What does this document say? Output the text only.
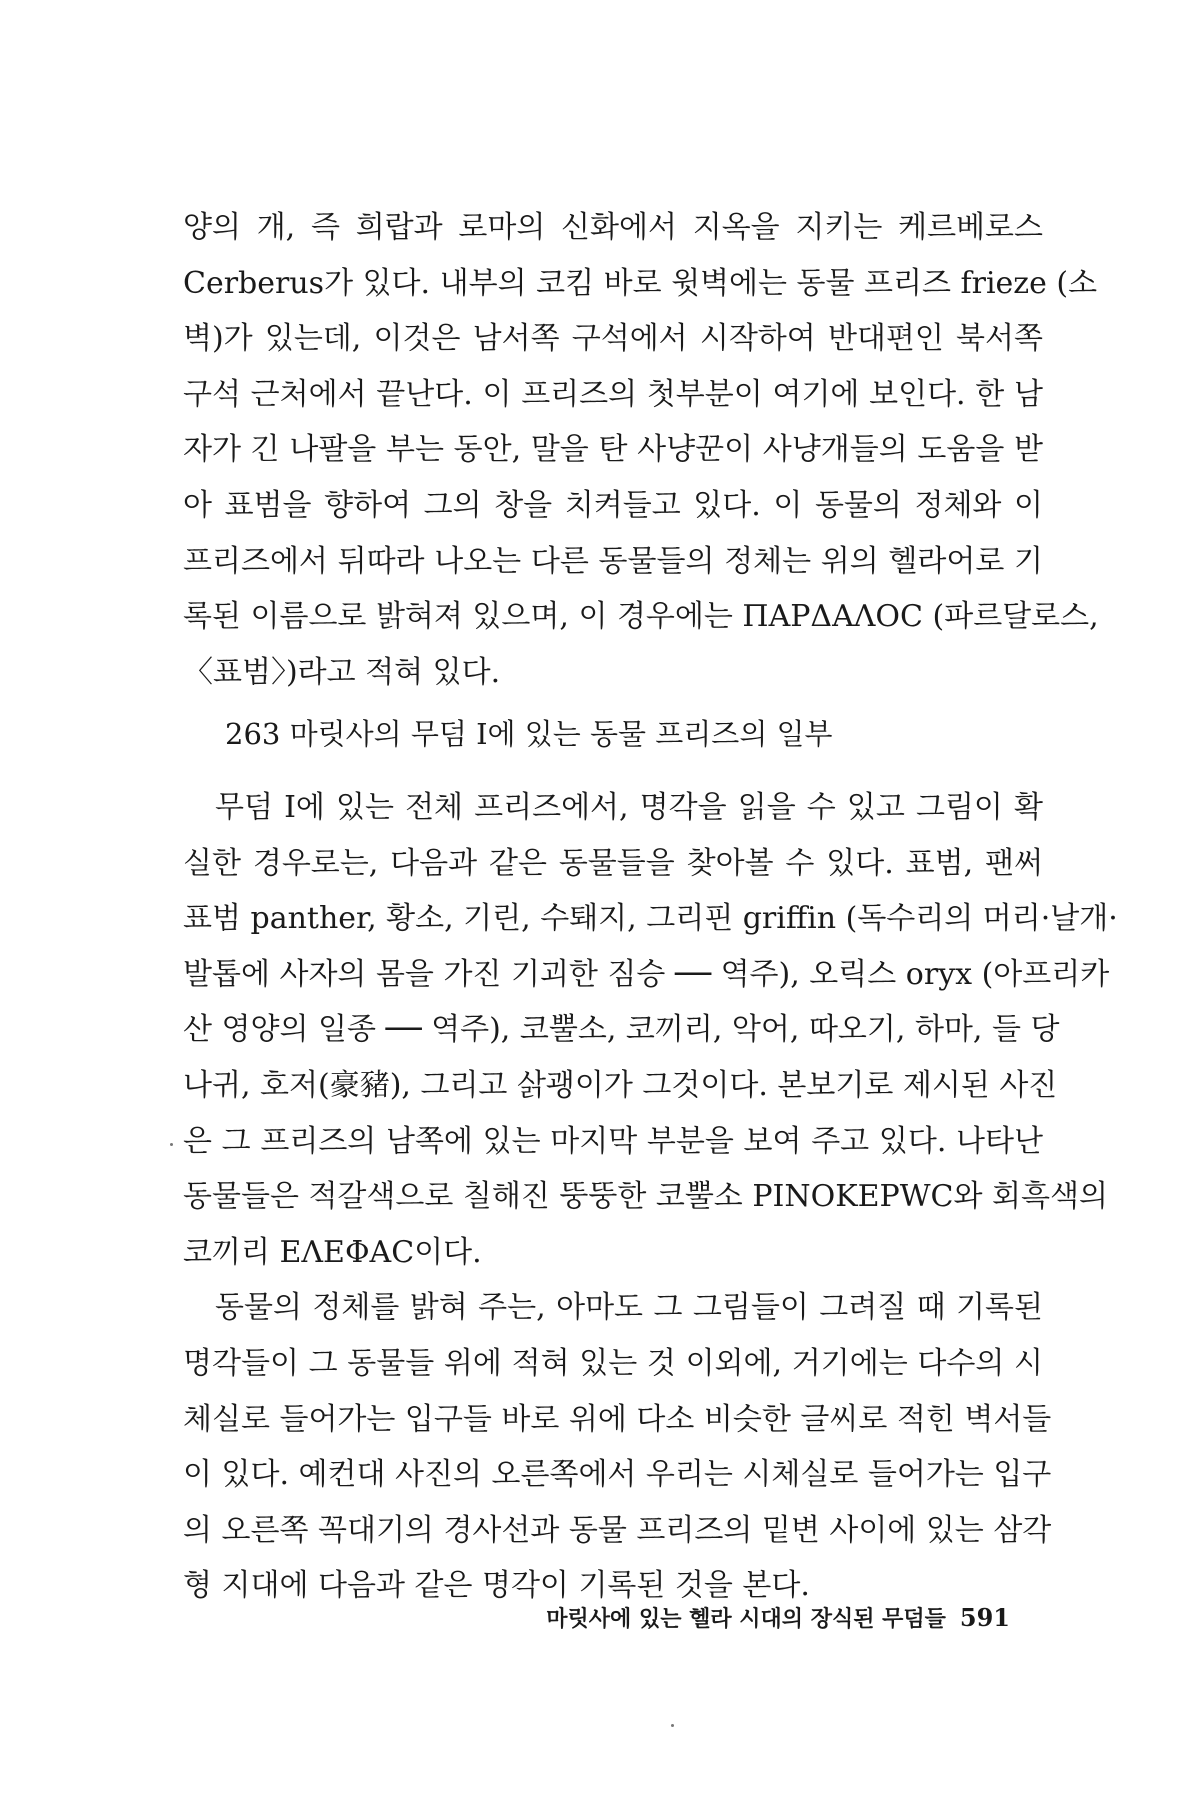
양의 개, 즉 희랍과 로마의 신화에서 지옥을 지키는 케르베로스
Cerberus가 있다. 내부의 코킴 바로 윗벽에는 동물 프리즈 frieze (소
벽)가 있는데, 이것은 남서쪽 구석에서 시작하여 반대편인 북서쪽
구석 근처에서 끝난다. 이 프리즈의 첫부분이 여기에 보인다. 한 남
자가 긴 나팔을 부는 동안, 말을 탄 사냥꾼이 사냥개들의 도움을 받
아 표범을 향하여 그의 창을 치켜들고 있다. 이 동물의 정체와 이
프리즈에서 뒤따라 나오는 다른 동물들의 정체는 위의 헬라어로 기
록된 이름으로 밝혀져 있으며, 이 경우에는 ΠΑΡΔΑΛΟС (파르달로스,
〈표범〉)라고 적혀 있다.
263 마릿사의 무덤 I에 있는 동물 프리즈의 일부
무덤 I에 있는 전체 프리즈에서, 명각을 읽을 수 있고 그림이 확
실한 경우로는, 다음과 같은 동물들을 찾아볼 수 있다. 표범, 팬써
표범 panther, 황소, 기린, 수퇘지, 그리핀 griffin (독수리의 머리·날개·
발톱에 사자의 몸을 가진 기괴한 짐승 ── 역주), 오릭스 oryx (아프리카
산 영양의 일종 ── 역주), 코뿔소, 코끼리, 악어, 따오기, 하마, 들 당
나귀, 호저(豪豬), 그리고 삵괭이가 그것이다. 본보기로 제시된 사진
은 그 프리즈의 남쪽에 있는 마지막 부분을 보여 주고 있다. 나타난
동물들은 적갈색으로 칠해진 뚱뚱한 코뿔소 ΡΙΝΟΚΕΡWϹ와 회흑색의
코끼리 ΕΛΕΦΑϹ이다.
동물의 정체를 밝혀 주는, 아마도 그 그림들이 그려질 때 기록된
명각들이 그 동물들 위에 적혀 있는 것 이외에, 거기에는 다수의 시
체실로 들어가는 입구들 바로 위에 다소 비슷한 글씨로 적힌 벽서들
이 있다. 예컨대 사진의 오른쪽에서 우리는 시체실로 들어가는 입구
의 오른쪽 꼭대기의 경사선과 동물 프리즈의 밑변 사이에 있는 삼각
형 지대에 다음과 같은 명각이 기록된 것을 본다.
마릿사에 있는 헬라 시대의 장식된 무덤들 591
